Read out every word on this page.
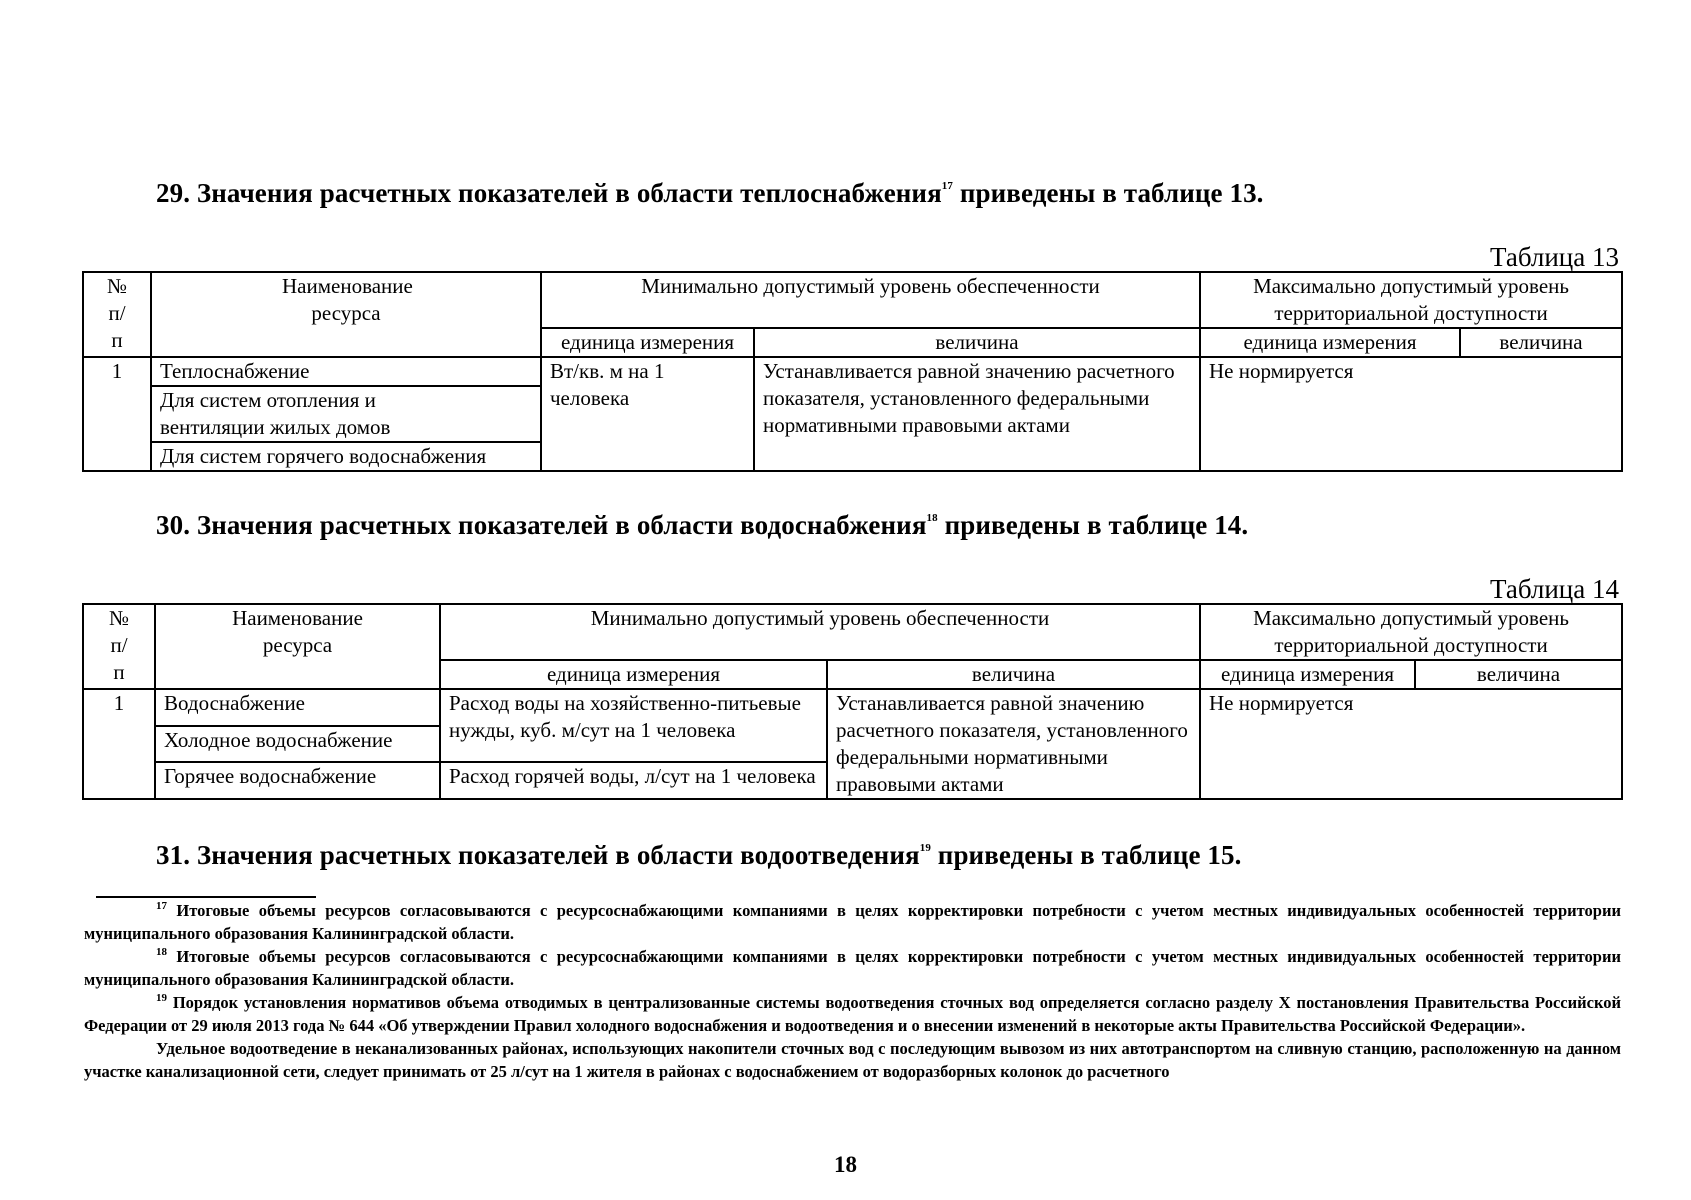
29. Значения расчетных показателей в области теплоснабжения$^{17}$ приведены в таблице 13.
Таблица 13
№ п/п	Наименование ресурса	Минимально допустимый уровень обеспеченности		Максимально допустимый уровень территориальной доступности	
		единица измерения	величина	единица измерения	величина
1	Теплоснабжение	Вт/кв. м на 1 человека	Устанавливается равной значению расчетного показателя, установленного федеральными нормативными правовыми актами	Не нормируется	
	Для систем отопления и вентиляции жилых домов				
	Для систем горячего водоснабжения				
30. Значения расчетных показателей в области водоснабжения$^{18}$ приведены в таблице 14.
Таблица 14
№ п/п	Наименование ресурса	Минимально допустимый уровень обеспеченности		Максимально допустимый уровень территориальной доступности	
		единица измерения	величина	единица измерения	величина
1	Водоснабжение	Расход воды на хозяйственно-питьевые нужды, куб. м/сут на 1 человека	Устанавливается равной значению расчетного показателя, установленного федеральными нормативными правовыми актами	Не нормируется	
	Холодное водоснабжение				
	Горячее водоснабжение	Расход горячей воды, л/сут на 1 человека			
31. Значения расчетных показателей в области водоотведения$^{19}$ приведены в таблице 15.

$^{17}$ Итоговые объемы ресурсов согласовываются с ресурсоснабжающими компаниями в целях корректировки потребности с учетом местных индивидуальных особенностей территории муниципального образования Калининградской области.

$^{18}$ Итоговые объемы ресурсов согласовываются с ресурсоснабжающими компаниями в целях корректировки потребности с учетом местных индивидуальных особенностей территории муниципального образования Калининградской области.

$^{19}$ Порядок установления нормативов объема отводимых в централизованные системы водоотведения сточных вод определяется согласно разделу X постановления Правительства Российской Федерации от 29 июля 2013 года № 644 «Об утверждении Правил холодного водоснабжения и водоотведения и о внесении изменений в некоторые акты Правительства Российской Федерации».

Удельное водоотведение в неканализованных районах, использующих накопители сточных вод с последующим вывозом из них автотранспортом на сливную станцию, расположенную на данном участке канализационной сети, следует принимать от 25 л/сут на 1 жителя в районах с водоснабжением от водоразборных колонок до расчетного

18
